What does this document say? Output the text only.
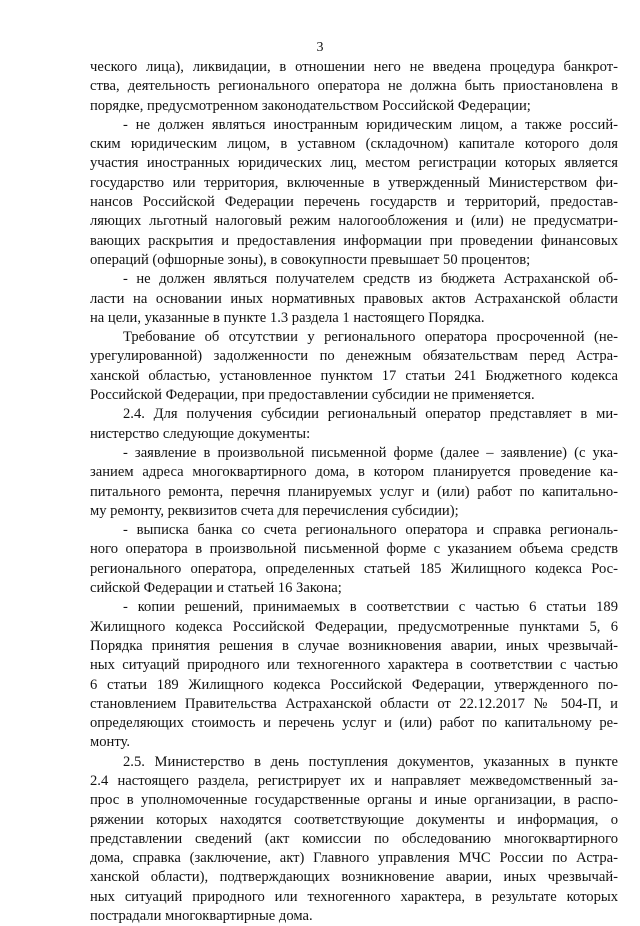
3
ческого лица), ликвидации, в отношении него не введена процедура банкрот-
ства, деятельность регионального оператора не должна быть приостановлена в
порядке, предусмотренном законодательством Российской Федерации;
- не должен являться иностранным юридическим лицом, а также россий-
ским юридическим лицом, в уставном (складочном) капитале которого доля
участия иностранных юридических лиц, местом регистрации которых является
государство или территория, включенные в утвержденный Министерством фи-
нансов Российской Федерации перечень государств и территорий, предостав-
ляющих льготный налоговый режим налогообложения и (или) не предусматри-
вающих раскрытия и предоставления информации при проведении финансовых
операций (офшорные зоны), в совокупности превышает 50 процентов;
- не должен являться получателем средств из бюджета Астраханской об-
ласти на основании иных нормативных правовых актов Астраханской области
на цели, указанные в пункте 1.3 раздела 1 настоящего Порядка.
Требование об отсутствии у регионального оператора просроченной (не-
урегулированной) задолженности по денежным обязательствам перед Астра-
ханской областью, установленное пунктом 17 статьи 241 Бюджетного кодекса
Российской Федерации, при предоставлении субсидии не применяется.
2.4. Для получения субсидии региональный оператор представляет в ми-
нистерство следующие документы:
- заявление в произвольной письменной форме (далее – заявление) (с ука-
занием адреса многоквартирного дома, в котором планируется проведение ка-
питального ремонта, перечня планируемых услуг и (или) работ по капитально-
му ремонту, реквизитов счета для перечисления субсидии);
- выписка банка со счета регионального оператора и справка региональ-
ного оператора в произвольной письменной форме с указанием объема средств
регионального оператора, определенных статьей 185 Жилищного кодекса Рос-
сийской Федерации и статьей 16 Закона;
- копии решений, принимаемых в соответствии с частью 6 статьи 189
Жилищного кодекса Российской Федерации, предусмотренные пунктами 5, 6
Порядка принятия решения в случае возникновения аварии, иных чрезвычай-
ных ситуаций природного или техногенного характера в соответствии с частью
6 статьи 189 Жилищного кодекса Российской Федерации, утвержденного по-
становлением Правительства Астраханской области от 22.12.2017 № 504-П, и
определяющих стоимость и перечень услуг и (или) работ по капитальному ре-
монту.
2.5. Министерство в день поступления документов, указанных в пункте
2.4 настоящего раздела, регистрирует их и направляет межведомственный за-
прос в уполномоченные государственные органы и иные организации, в распо-
ряжении которых находятся соответствующие документы и информация, о
представлении сведений (акт комиссии по обследованию многоквартирного
дома, справка (заключение, акт) Главного управления МЧС России по Астра-
ханской области), подтверждающих возникновение аварии, иных чрезвычай-
ных ситуаций природного или техногенного характера, в результате которых
пострадали многоквартирные дома.
